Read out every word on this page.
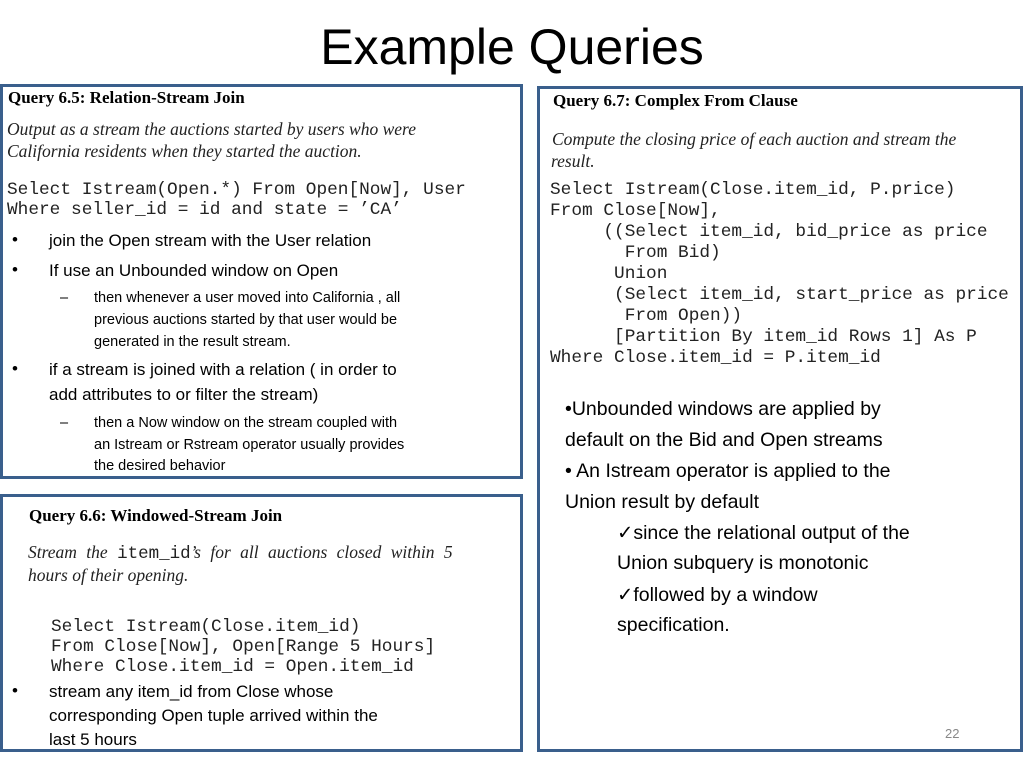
Example Queries
Query 6.5: Relation-Stream Join
Output as a stream the auctions started by users who were
California residents when they started the auction.
Select Istream(Open.*) From Open[Now], User
Where seller_id = id and state = ’CA’
• join the Open stream with the User relation
• If use an Unbounded window on Open
– then whenever a user moved into California , all
previous auctions started by that user would be
generated in the result stream.
• if a stream is joined with a relation ( in order to
add attributes to or filter the stream)
– then a Now window on the stream coupled with
an Istream or Rstream operator usually provides
the desired behavior
Query 6.6: Windowed-Stream Join
Stream the item_id’s for all auctions closed within 5
hours of their opening.
Select Istream(Close.item_id)
From Close[Now], Open[Range 5 Hours]
Where Close.item_id = Open.item_id
• stream any item_id from Close whose
corresponding Open tuple arrived within the
last 5 hours
Query 6.7: Complex From Clause
Compute the closing price of each auction and stream the
result.
Select Istream(Close.item_id, P.price)
From Close[Now],
((Select item_id, bid_price as price
From Bid)
Union
(Select item_id, start_price as price
From Open))
[Partition By item_id Rows 1] As P
Where Close.item_id = P.item_id
•Unbounded windows are applied by
default on the Bid and Open streams
• An Istream operator is applied to the
Union result by default
✓since the relational output of the
Union subquery is monotonic
✓followed by a window
specification.
22
